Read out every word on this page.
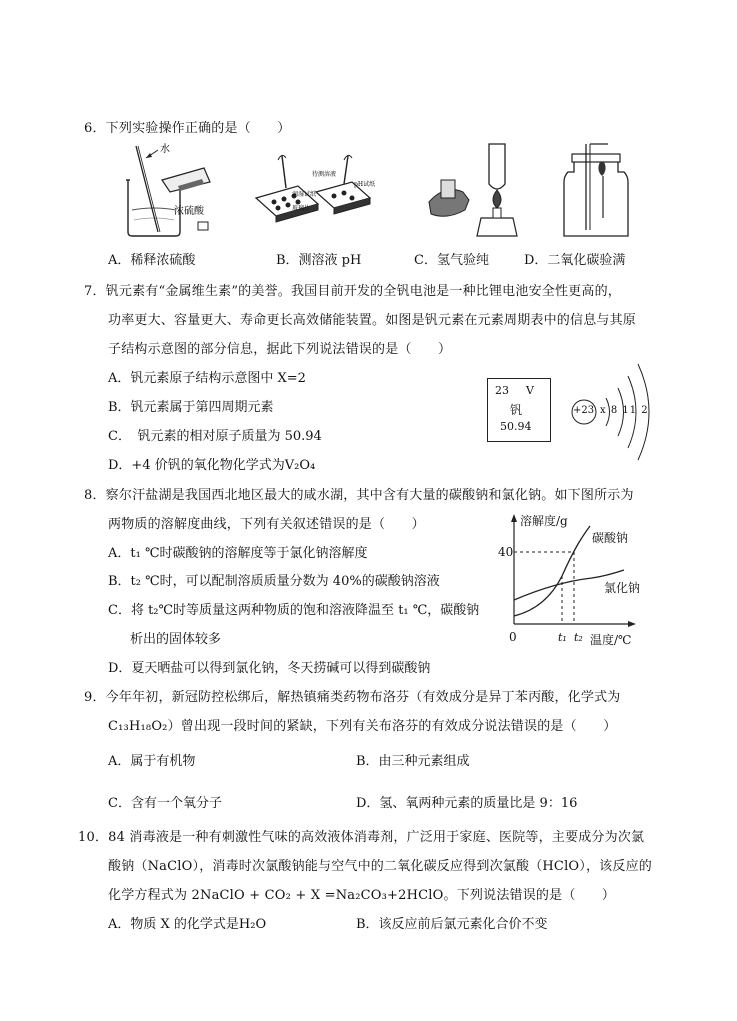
6．下列实验操作正确的是（　　）
水
浓硫酸
润湿试纸
待测溶液
pH试纸
玻璃片
A．稀释浓硫酸	B．测溶液 pH	C．氢气验纯	D．二氧化碳验满
7．钒元素有“金属维生素”的美誉。我国目前开发的全钒电池是一种比锂电池安全性更高的，
功率更大、容量更大、寿命更长高效储能装置。如图是钒元素在元素周期表中的信息与其原
子结构示意图的部分信息，据此下列说法错误的是（　　）
A．钒元素原子结构示意图中 X=2
B．钒元素属于第四周期元素
C．　钒元素的相对原子质量为 50.94
D．+4 价钒的氧化物化学式为V₂O₄
23 V
钒
50.94
+23 x 8 11 2
8．察尔汗盐湖是我国西北地区最大的咸水湖，其中含有大量的碳酸钠和氯化钠。如下图所示为
两物质的溶解度曲线，下列有关叙述错误的是（　　）
A．t₁ ℃时碳酸钠的溶解度等于氯化钠溶解度
B．t₂ ℃时，可以配制溶质质量分数为 40%的碳酸钠溶液
C．将 t₂℃时等质量这两种物质的饱和溶液降温至 t₁ ℃，碳酸钠
析出的固体较多
D．夏天晒盐可以得到氯化钠，冬天捞碱可以得到碳酸钠
溶解度/g
40
碳酸钠
氯化钠
0	t₁ t₂ 温度/℃
9．今年年初，新冠防控松绑后，解热镇痛类药物布洛芬（有效成分是异丁苯丙酸，化学式为
C₁₃H₁₈O₂）曾出现一段时间的紧缺，下列有关布洛芬的有效成分说法错误的是（　　）
A．属于有机物	B．由三种元素组成
C．含有一个氧分子	D．氢、氧两种元素的质量比是 9：16
10．84 消毒液是一种有刺激性气味的高效液体消毒剂，广泛用于家庭、医院等，主要成分为次氯
酸钠（NaClO），消毒时次氯酸钠能与空气中的二氧化碳反应得到次氯酸（HClO），该反应的
化学方程式为 2NaClO + CO₂ + X =Na₂CO₃+2HClO。下列说法错误的是（　　）
A．物质 X 的化学式是H₂O	B．该反应前后氯元素化合价不变
